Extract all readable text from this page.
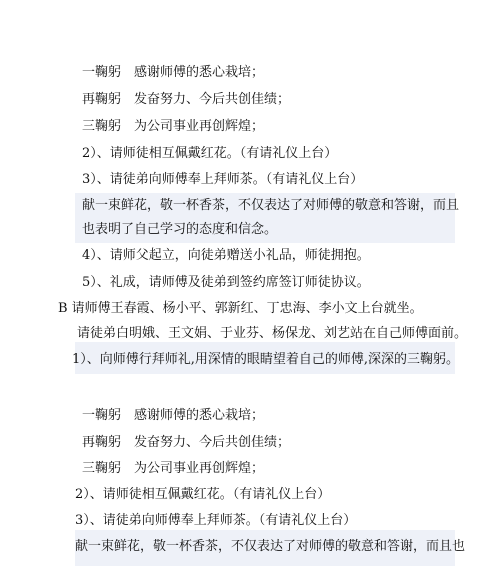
一鞠躬　感谢师傅的悉心栽培；
再鞠躬　发奋努力、今后共创佳绩；
三鞠躬　为公司事业再创辉煌；
2）、请师徒相互佩戴红花。（有请礼仪上台）
3）、请徒弟向师傅奉上拜师茶。（有请礼仪上台）
献一束鲜花，敬一杯香茶，不仅表达了对师傅的敬意和答谢，而且
也表明了自己学习的态度和信念。
4）、请师父起立，向徒弟赠送小礼品，师徒拥抱。
5）、礼成，请师傅及徒弟到签约席签订师徒协议。
B 请师傅王春霞、杨小平、郭新红、丁忠海、李小文上台就坐。
请徒弟白明娥、王文娟、于业芬、杨保龙、刘艺站在自己师傅面前。
1）、向师傅行拜师礼,用深情的眼睛望着自己的师傅,深深的三鞠躬。
一鞠躬　感谢师傅的悉心栽培；
再鞠躬　发奋努力、今后共创佳绩；
三鞠躬　为公司事业再创辉煌；
2）、请师徒相互佩戴红花。（有请礼仪上台）
3）、请徒弟向师傅奉上拜师茶。（有请礼仪上台）
献一束鲜花，敬一杯香茶，不仅表达了对师傅的敬意和答谢，而且也
